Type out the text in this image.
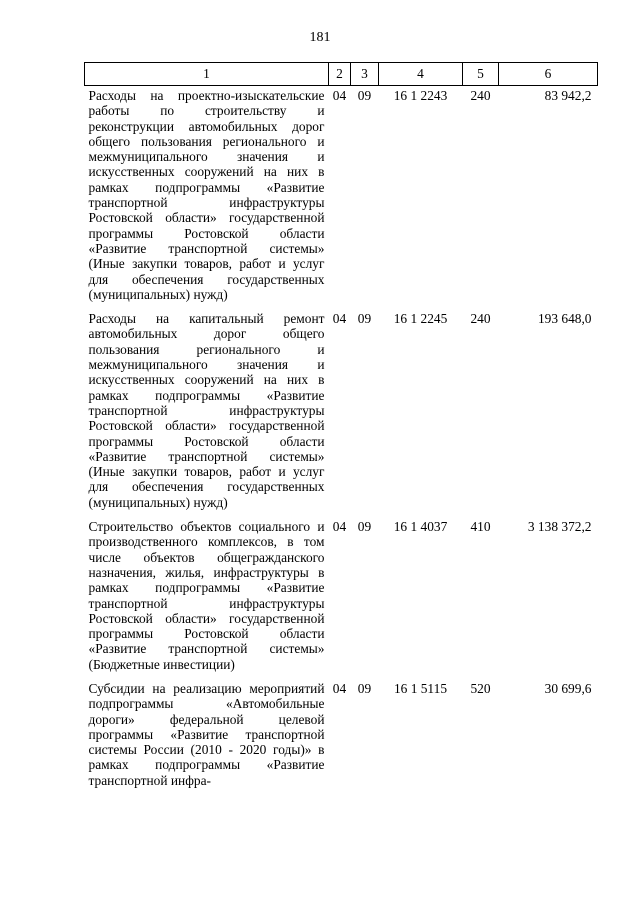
181
1	2	3	4	5	6
Расходы на проектно-изыскательские работы по строительству и реконструкции автомобильных дорог общего пользования регионального и межмуниципального значения и искусственных сооружений на них в рамках подпрограммы «Развитие транспортной инфраструктуры Ростовской области» государственной программы Ростовской области «Развитие транспортной системы» (Иные закупки товаров, работ и услуг для обеспечения государственных (муниципальных) нужд)	04	09	16 1 2243	240	83 942,2
Расходы на капитальный ремонт автомобильных дорог общего пользования регионального и межмуниципального значения и искусственных сооружений на них в рамках подпрограммы «Развитие транспортной инфраструктуры Ростовской области» государственной программы Ростовской области «Развитие транспортной системы» (Иные закупки товаров, работ и услуг для обеспечения государственных (муниципальных) нужд)	04	09	16 1 2245	240	193 648,0
Строительство объектов социального и производственного комплексов, в том числе объектов общегражданского назначения, жилья, инфраструктуры в рамках подпрограммы «Развитие транспортной инфраструктуры Ростовской области» государственной программы Ростовской области «Развитие транспортной системы» (Бюджетные инвестиции)	04	09	16 1 4037	410	3 138 372,2
Субсидии на реализацию мероприятий подпрограммы «Автомобильные дороги» федеральной целевой программы «Развитие транспортной системы России (2010 - 2020 годы)» в рамках подпрограммы «Развитие транспортной инфра-	04	09	16 1 5115	520	30 699,6
